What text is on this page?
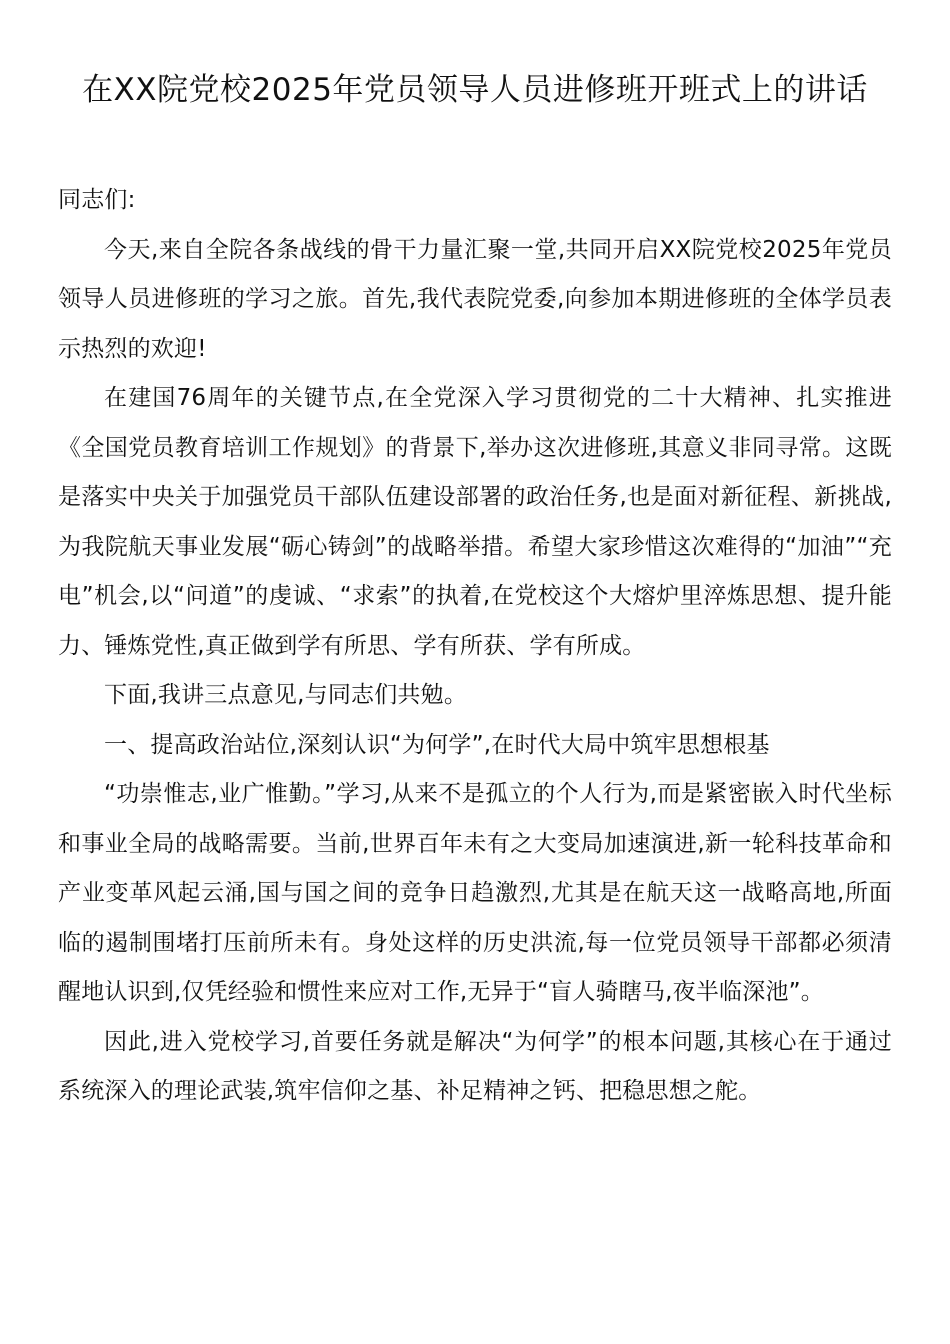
在XX院党校2025年党员领导人员进修班开班式上的讲话

同志们:

今天,来自全院各条战线的骨干力量汇聚一堂,共同开启XX院党校2025年党员领导人员进修班的学习之旅。首先,我代表院党委,向参加本期进修班的全体学员表示热烈的欢迎!

在建国76周年的关键节点,在全党深入学习贯彻党的二十大精神、扎实推进《全国党员教育培训工作规划》的背景下,举办这次进修班,其意义非同寻常。这既是落实中央关于加强党员干部队伍建设部署的政治任务,也是面对新征程、新挑战,为我院航天事业发展“砺心铸剑”的战略举措。希望大家珍惜这次难得的“加油”“充电”机会,以“问道”的虔诚、“求索”的执着,在党校这个大熔炉里淬炼思想、提升能力、锤炼党性,真正做到学有所思、学有所获、学有所成。

下面,我讲三点意见,与同志们共勉。

一、提高政治站位,深刻认识“为何学”,在时代大局中筑牢思想根基

“功崇惟志,业广惟勤。”学习,从来不是孤立的个人行为,而是紧密嵌入时代坐标和事业全局的战略需要。当前,世界百年未有之大变局加速演进,新一轮科技革命和产业变革风起云涌,国与国之间的竞争日趋激烈,尤其是在航天这一战略高地,所面临的遏制围堵打压前所未有。身处这样的历史洪流,每一位党员领导干部都必须清醒地认识到,仅凭经验和惯性来应对工作,无异于“盲人骑瞎马,夜半临深池”。

因此,进入党校学习,首要任务就是解决“为何学”的根本问题,其核心在于通过系统深入的理论武装,筑牢信仰之基、补足精神之钙、把稳思想之舵。
